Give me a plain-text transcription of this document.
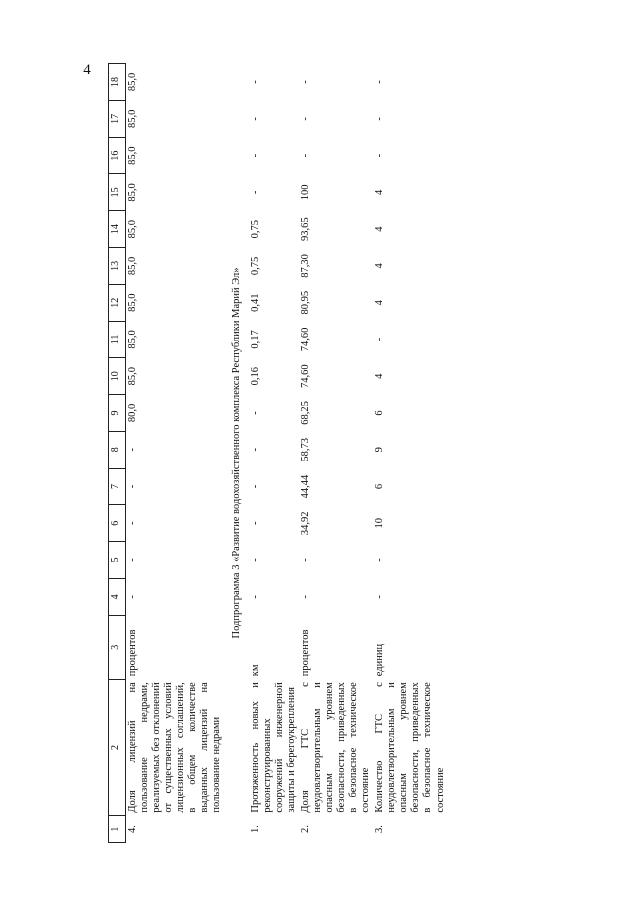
4
1	2	3	4	5	6	7	8	9	10	11	12	13	14	15	16	17	18
4.	Доля лицензий на пользование недрами, реализуемых без отклонений от существенных условий лицензионных соглашений, в общем количестве выданных лицензий на пользование недрами	процентов	-	-	-	-	-	80,0	85,0	85,0	85,0	85,0	85,0	85,0	85,0	85,0	85,0
Подпрограмма 3 «Развитие водохозяйственного комплекса Республики Марий Эл»																	
1.	Протяженность новых и реконструированных сооружений инженерной защиты и берегоукрепления	км	-	-	-	-	-	-	0,16	0,17	0,41	0,75	0,75	-	-	-	-
2.	Доля ГТС с неудовлетворительным и опасным уровнем безопасности, приведенных в безопасное техническое состояние	процентов	-	-	34,92	44,44	58,73	68,25	74,60	74,60	80,95	87,30	93,65	100	-	-	-
3.	Количество ГТС с неудовлетворительным и опасным уровнем безопасности, приведенных в безопасное техническое состояние	единиц	-	-	10	6	9	6	4	-	4	4	4	4	-	-	-
